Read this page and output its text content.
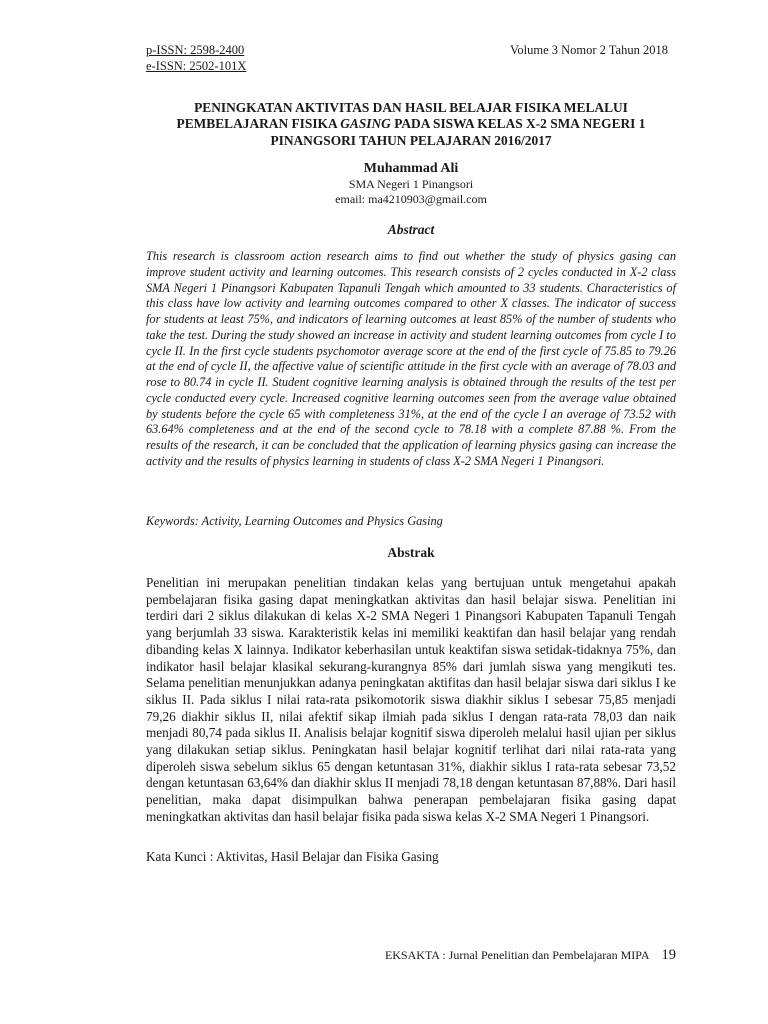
p-ISSN: 2598-2400
e-ISSN: 2502-101X
Volume 3 Nomor 2 Tahun 2018
PENINGKATAN AKTIVITAS DAN HASIL BELAJAR FISIKA MELALUI PEMBELAJARAN FISIKA GASING PADA SISWA KELAS X-2 SMA NEGERI 1 PINANGSORI TAHUN PELAJARAN 2016/2017
Muhammad Ali
SMA Negeri 1 Pinangsori
email: ma4210903@gmail.com
Abstract

This research is classroom action research aims to find out whether the study of physics gasing can improve student activity and learning outcomes. This research consists of 2 cycles conducted in X-2 class SMA Negeri 1 Pinangsori Kabupaten Tapanuli Tengah which amounted to 33 students. Characteristics of this class have low activity and learning outcomes compared to other X classes. The indicator of success for students at least 75%, and indicators of learning outcomes at least 85% of the number of students who take the test. During the study showed an increase in activity and student learning outcomes from cycle I to cycle II. In the first cycle students psychomotor average score at the end of the first cycle of 75.85 to 79.26 at the end of cycle II, the affective value of scientific attitude in the first cycle with an average of 78.03 and rose to 80.74 in cycle II. Student cognitive learning analysis is obtained through the results of the test per cycle conducted every cycle. Increased cognitive learning outcomes seen from the average value obtained by students before the cycle 65 with completeness 31%, at the end of the cycle I an average of 73.52 with 63.64% completeness and at the end of the second cycle to 78.18 with a complete 87.88 %. From the results of the research, it can be concluded that the application of learning physics gasing can increase the activity and the results of physics learning in students of class X-2 SMA Negeri 1 Pinangsori.

Keywords: Activity, Learning Outcomes and Physics Gasing
Abstrak

Penelitian ini merupakan penelitian tindakan kelas yang bertujuan untuk mengetahui apakah pembelajaran fisika gasing dapat meningkatkan aktivitas dan hasil belajar siswa. Penelitian ini terdiri dari 2 siklus dilakukan di kelas X-2 SMA Negeri 1 Pinangsori Kabupaten Tapanuli Tengah yang berjumlah 33 siswa. Karakteristik kelas ini memiliki keaktifan dan hasil belajar yang rendah dibanding kelas X lainnya. Indikator keberhasilan untuk keaktifan siswa setidak-tidaknya 75%, dan indikator hasil belajar klasikal sekurang-kurangnya 85% dari jumlah siswa yang mengikuti tes. Selama penelitian menunjukkan adanya peningkatan aktifitas dan hasil belajar siswa dari siklus I ke siklus II. Pada siklus I nilai rata-rata psikomotorik siswa diakhir siklus I sebesar 75,85 menjadi 79,26 diakhir siklus II, nilai afektif sikap ilmiah pada siklus I dengan rata-rata 78,03 dan naik menjadi 80,74 pada siklus II. Analisis belajar kognitif siswa diperoleh melalui hasil ujian per siklus yang dilakukan setiap siklus. Peningkatan hasil belajar kognitif terlihat dari nilai rata-rata yang diperoleh siswa sebelum siklus 65 dengan ketuntasan 31%, diakhir siklus I rata-rata sebesar 73,52 dengan ketuntasan 63,64% dan diakhir sklus II menjadi 78,18 dengan ketuntasan 87,88%. Dari hasil penelitian, maka dapat disimpulkan bahwa penerapan pembelajaran fisika gasing dapat meningkatkan aktivitas dan hasil belajar fisika pada siswa kelas X-2 SMA Negeri 1 Pinangsori.

Kata Kunci : Aktivitas, Hasil Belajar dan Fisika Gasing
EKSAKTA : Jurnal Penelitian dan Pembelajaran MIPA 19
